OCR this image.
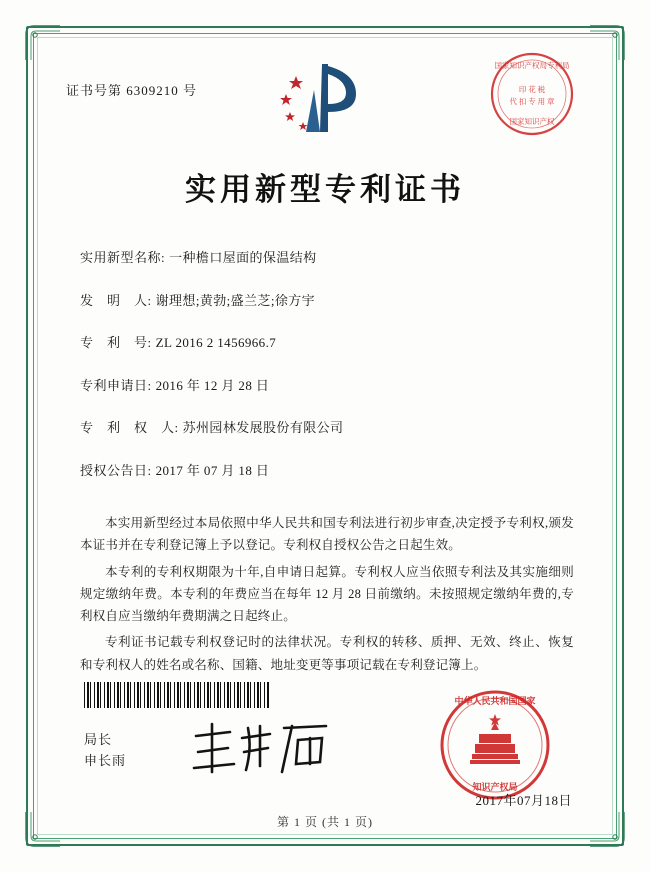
证书号第 6309210 号
国家知识产权局专利局
印 花 税
代 扣 专 用 章
国家知识产权
实用新型专利证书
实用新型名称: 一种檐口屋面的保温结构
发　明　人: 谢理想;黄勃;盛兰芝;徐方宇
专　利　号: ZL 2016 2 1456966.7
专利申请日: 2016 年 12 月 28 日
专　利　权　人: 苏州园林发展股份有限公司
授权公告日: 2017 年 07 月 18 日

本实用新型经过本局依照中华人民共和国专利法进行初步审查,决定授予专利权,颁发本证书并在专利登记簿上予以登记。专利权自授权公告之日起生效。

本专利的专利权期限为十年,自申请日起算。专利权人应当依照专利法及其实施细则规定缴纳年费。本专利的年费应当在每年 12 月 28 日前缴纳。未按照规定缴纳年费的,专利权自应当缴纳年费期满之日起终止。

专利证书记载专利权登记时的法律状况。专利权的转移、质押、无效、终止、恢复和专利权人的姓名或名称、国籍、地址变更等事项记载在专利登记簿上。

局长
申长雨
中华人民共和国国家
知识产权局
2017年07月18日
第 1 页 (共 1 页)
